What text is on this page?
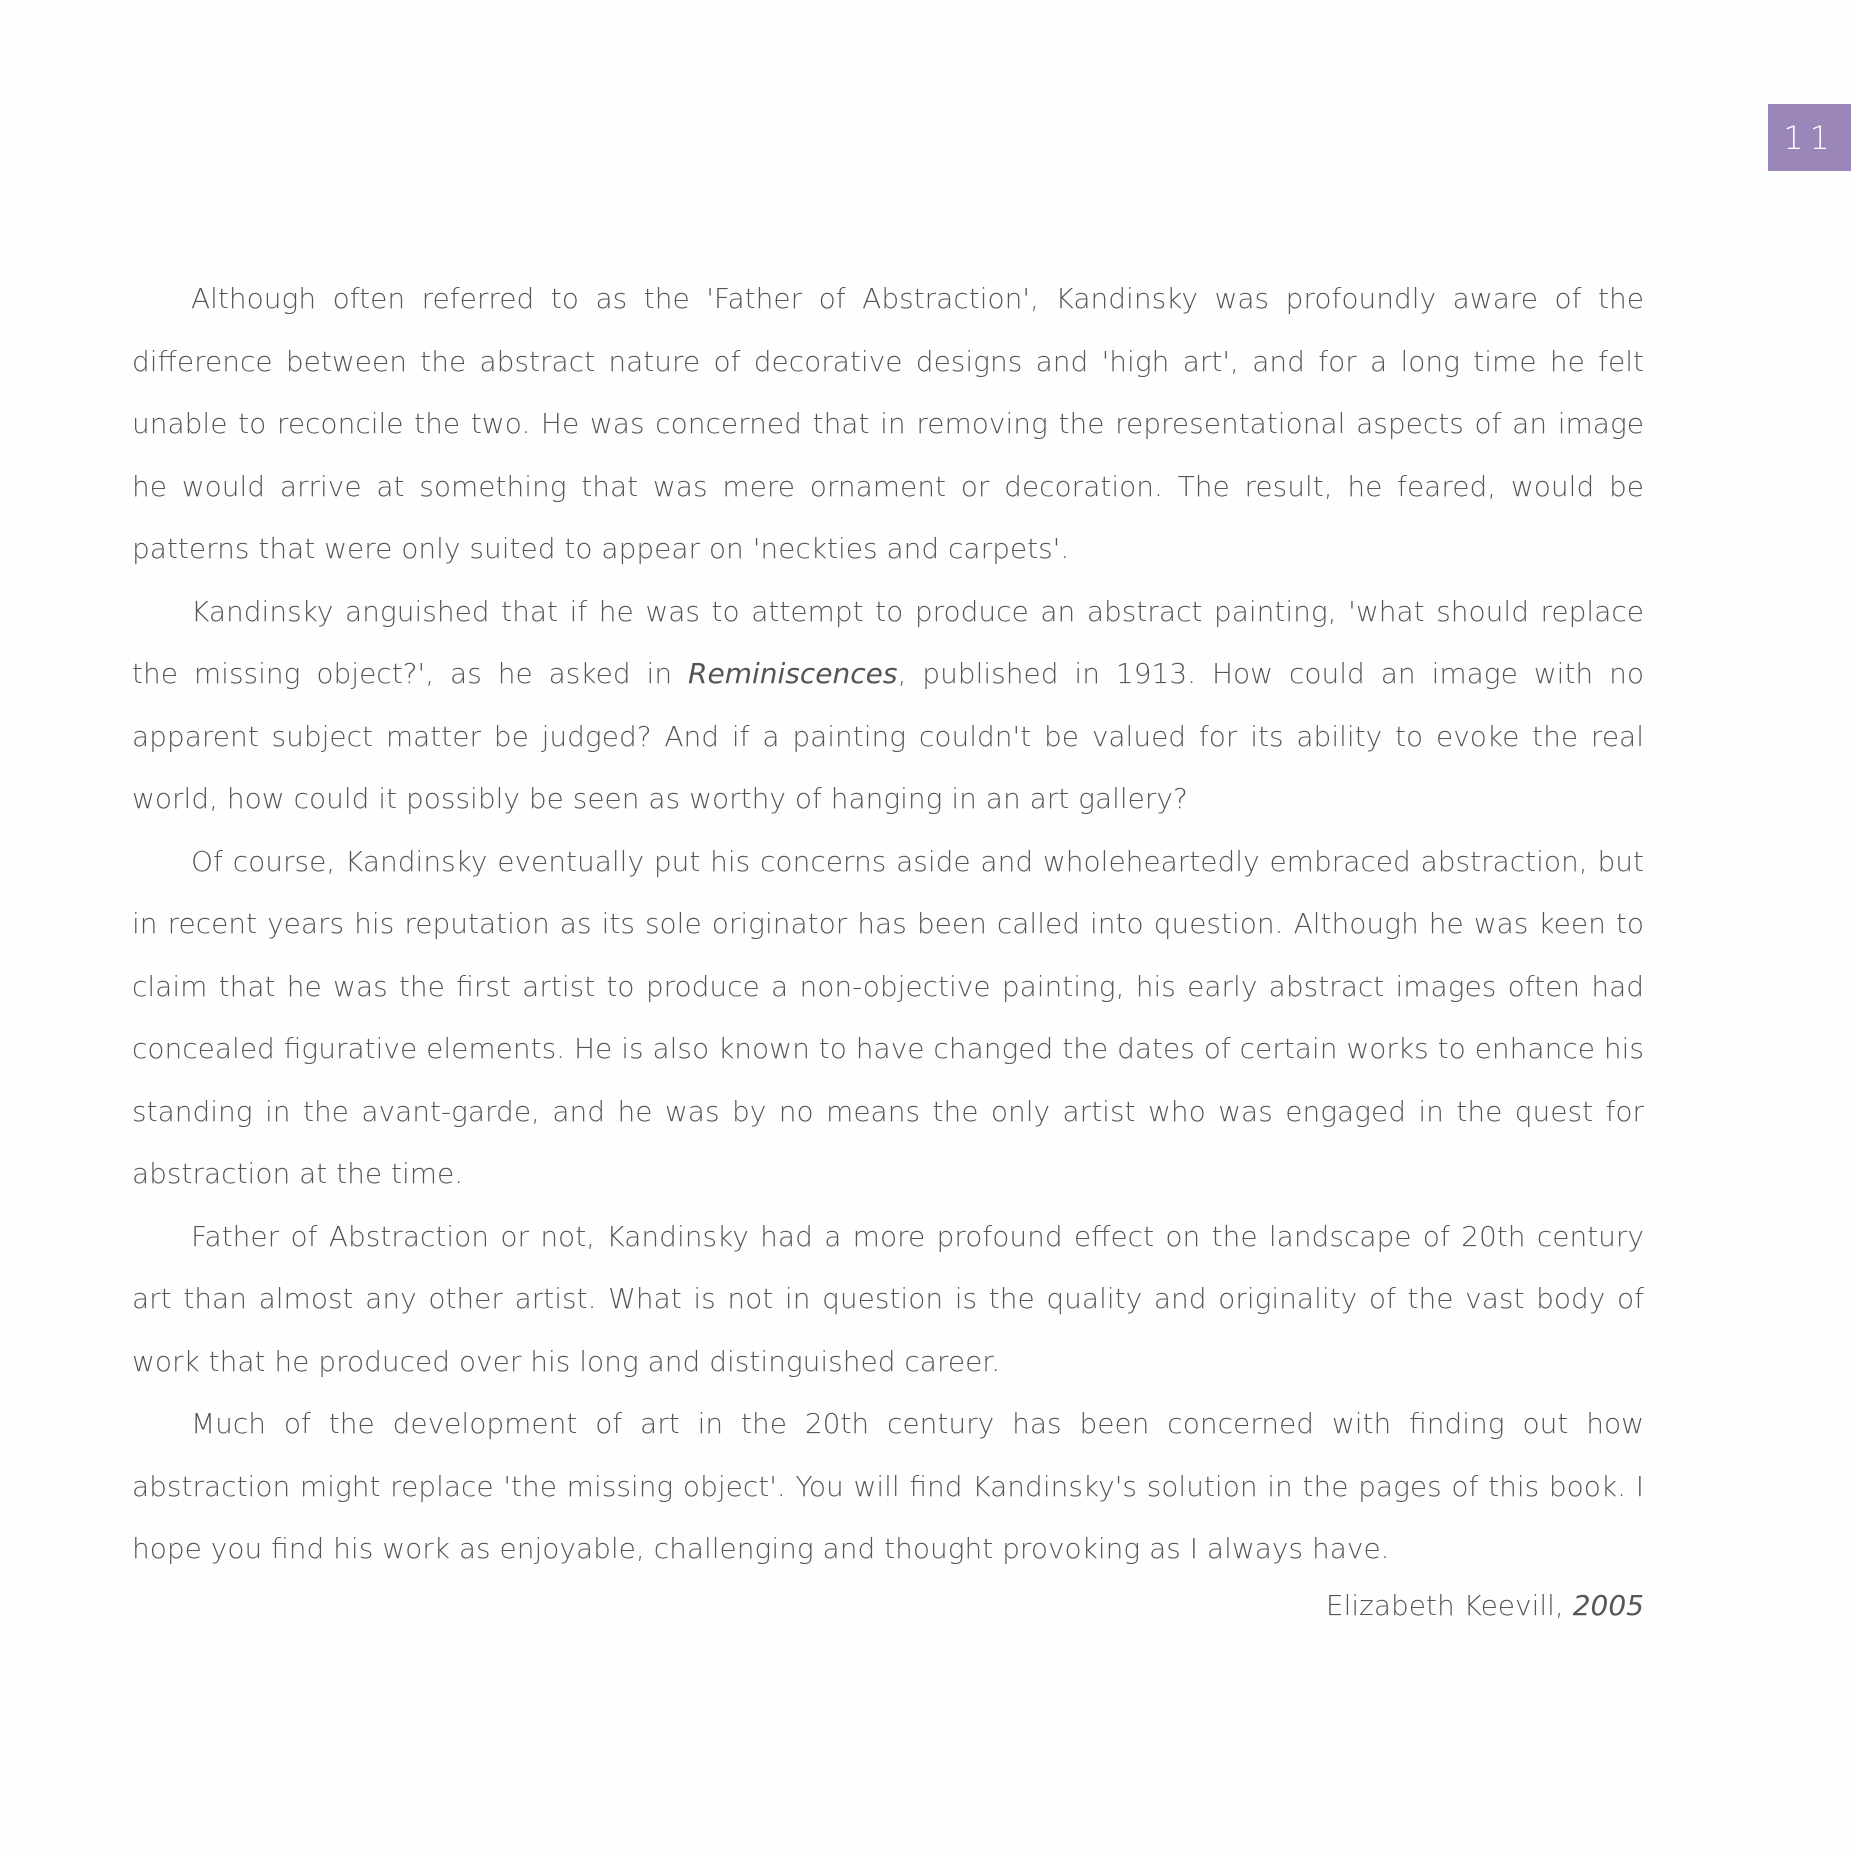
11

Although often referred to as the 'Father of Abstraction', Kandinsky was profoundly aware of the difference between the abstract nature of decorative designs and 'high art', and for a long time he felt unable to reconcile the two. He was concerned that in removing the representational aspects of an image he would arrive at something that was mere ornament or decoration. The result, he feared, would be patterns that were only suited to appear on 'neckties and carpets'.

Kandinsky anguished that if he was to attempt to produce an abstract painting, 'what should replace the missing object?', as he asked in Reminiscences, published in 1913. How could an image with no apparent subject matter be judged? And if a painting couldn't be valued for its ability to evoke the real world, how could it possibly be seen as worthy of hanging in an art gallery?

Of course, Kandinsky eventually put his concerns aside and wholeheartedly embraced abstraction, but in recent years his reputation as its sole originator has been called into question. Although he was keen to claim that he was the first artist to produce a non-objective painting, his early abstract images often had concealed figurative elements. He is also known to have changed the dates of certain works to enhance his standing in the avant-garde, and he was by no means the only artist who was engaged in the quest for abstraction at the time.

Father of Abstraction or not, Kandinsky had a more profound effect on the landscape of 20th century art than almost any other artist. What is not in question is the quality and originality of the vast body of work that he produced over his long and distinguished career.

Much of the development of art in the 20th century has been concerned with finding out how abstraction might replace 'the missing object'. You will find Kandinsky's solution in the pages of this book. I hope you find his work as enjoyable, challenging and thought provoking as I always have.

Elizabeth Keevill, 2005
